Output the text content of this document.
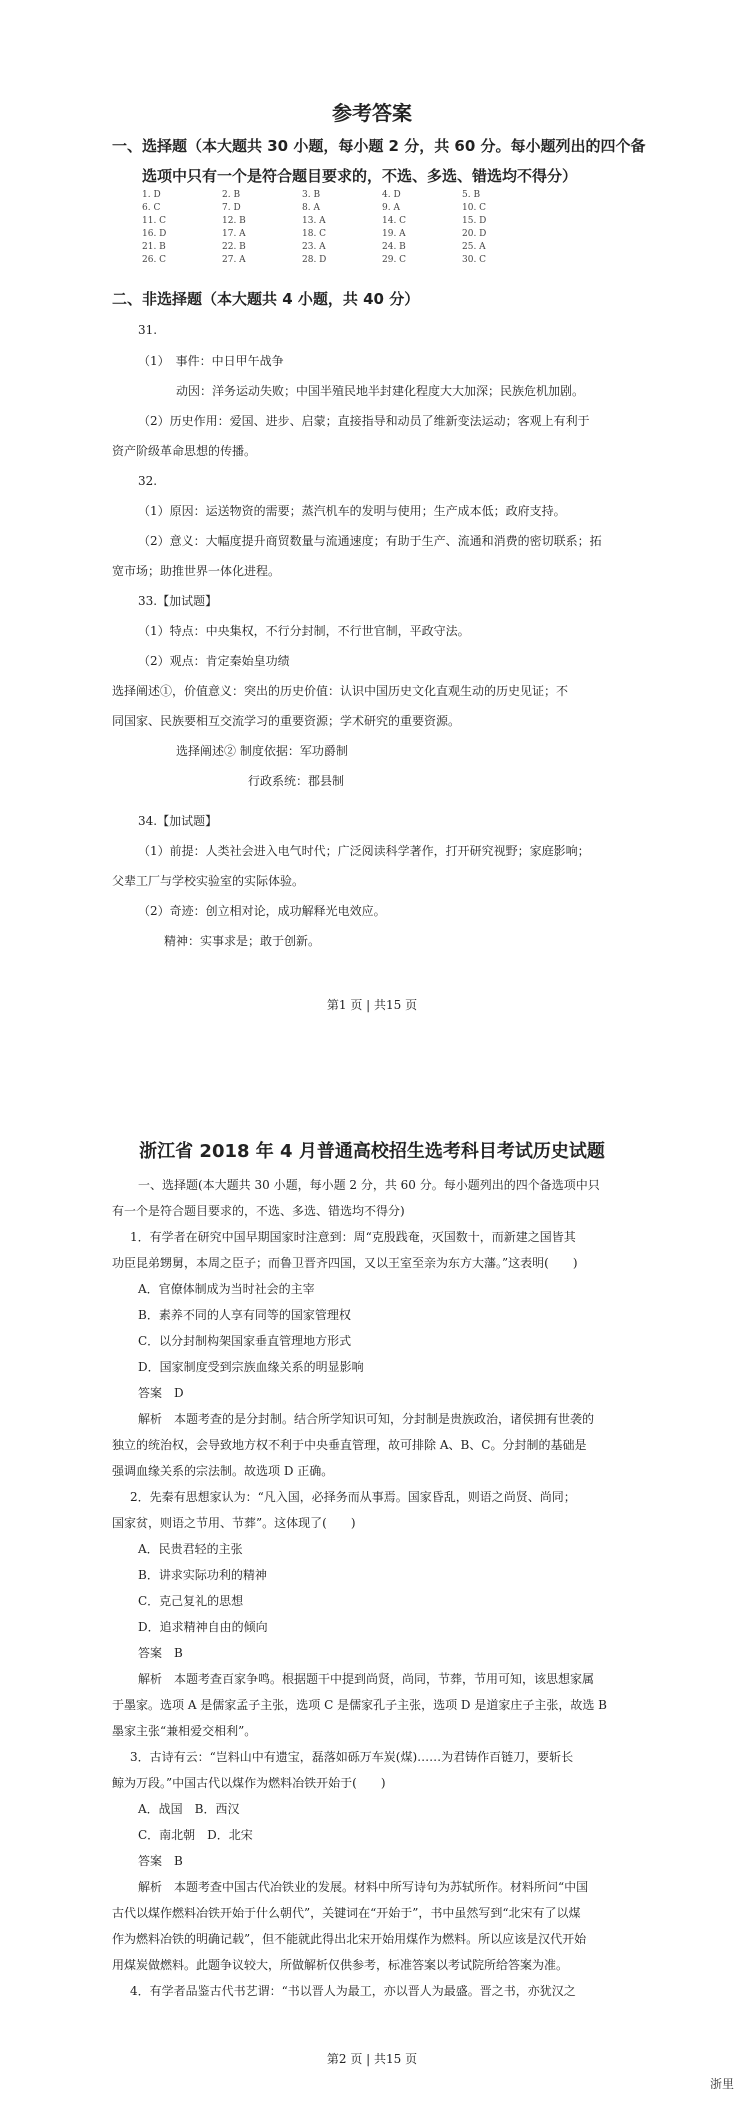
参考答案
一、选择题（本大题共 30 小题，每小题 2 分，共 60 分。每小题列出的四个备
选项中只有一个是符合题目要求的，不选、多选、错选均不得分）
1. D	2. B	3. B	4. D	5. B
6. C	7. D	8. A	9. A	10. C
11. C	12. B	13. A	14. C	15. D
16. D	17. A	18. C	19. A	20. D
21. B	22. B	23. A	24. B	25. A
26. C	27. A	28. D	29. C	30. C
二、非选择题（本大题共 4 小题，共 40 分）
31.
（1）　事件：中日甲午战争
动因：洋务运动失败；中国半殖民地半封建化程度大大加深；民族危机加剧。
（2）历史作用：爱国、进步、启蒙；直接指导和动员了维新变法运动；客观上有利于
资产阶级革命思想的传播。
32.
（1）原因：运送物资的需要；蒸汽机车的发明与使用；生产成本低；政府支持。
（2）意义：大幅度提升商贸数量与流通速度；有助于生产、流通和消费的密切联系；拓
宽市场；助推世界一体化进程。
33.【加试题】
（1）特点：中央集权，不行分封制，不行世官制，平政守法。
（2）观点：肯定秦始皇功绩
选择阐述①，价值意义：突出的历史价值：认识中国历史文化直观生动的历史见证；不
同国家、民族要相互交流学习的重要资源；学术研究的重要资源。
选择阐述② 制度依据：军功爵制
行政系统：郡县制
34.【加试题】
（1）前提：人类社会进入电气时代；广泛阅读科学著作，打开研究视野；家庭影响；
父辈工厂与学校实验室的实际体验。
（2）奇迹：创立相对论，成功解释光电效应。
精神：实事求是；敢于创新。
第1 页 | 共15 页
浙江省 2018 年 4 月普通高校招生选考科目考试历史试题
一、选择题(本大题共 30 小题，每小题 2 分，共 60 分。每小题列出的四个备选项中只
有一个是符合题目要求的，不选、多选、错选均不得分)
1．有学者在研究中国早期国家时注意到：周“克殷践奄，灭国数十，而新建之国皆其
功臣昆弟甥舅，本周之臣子；而鲁卫晋齐四国，又以王室至亲为东方大藩。”这表明(　　)
A．官僚体制成为当时社会的主宰
B．素养不同的人享有同等的国家管理权
C．以分封制构架国家垂直管理地方形式
D．国家制度受到宗族血缘关系的明显影响
答案　D
解析　本题考查的是分封制。结合所学知识可知，分封制是贵族政治，诸侯拥有世袭的
独立的统治权，会导致地方权不利于中央垂直管理，故可排除 A、B、C。分封制的基础是
强调血缘关系的宗法制。故选项 D 正确。
2．先秦有思想家认为：“凡入国，必择务而从事焉。国家昏乱，则语之尚贤、尚同；
国家贫，则语之节用、节葬”。这体现了(　　)
A．民贵君轻的主张
B．讲求实际功利的精神
C．克己复礼的思想
D．追求精神自由的倾向
答案　B
解析　本题考查百家争鸣。根据题干中提到尚贤，尚同，节葬，节用可知，该思想家属
于墨家。选项 A 是儒家孟子主张，选项 C 是儒家孔子主张，选项 D 是道家庄子主张，故选 B
墨家主张“兼相爱交相利”。
3．古诗有云：“岂料山中有遗宝，磊落如砾万车炭(煤)……为君铸作百链刀，要斩长
鲸为万段。”中国古代以煤作为燃料冶铁开始于(　　)
A．战国　B．西汉
C．南北朝　D．北宋
答案　B
解析　本题考查中国古代冶铁业的发展。材料中所写诗句为苏轼所作。材料所问“中国
古代以煤作燃料冶铁开始于什么朝代”，关键词在“开始于”，书中虽然写到“北宋有了以煤
作为燃料冶铁的明确记载”，但不能就此得出北宋开始用煤作为燃料。所以应该是汉代开始
用煤炭做燃料。此题争议较大，所做解析仅供参考，标准答案以考试院所给答案为准。
4．有学者品鉴古代书艺谓：“书以晋人为最工，亦以晋人为最盛。晋之书，亦犹汉之
第2 页 | 共15 页
浙里
